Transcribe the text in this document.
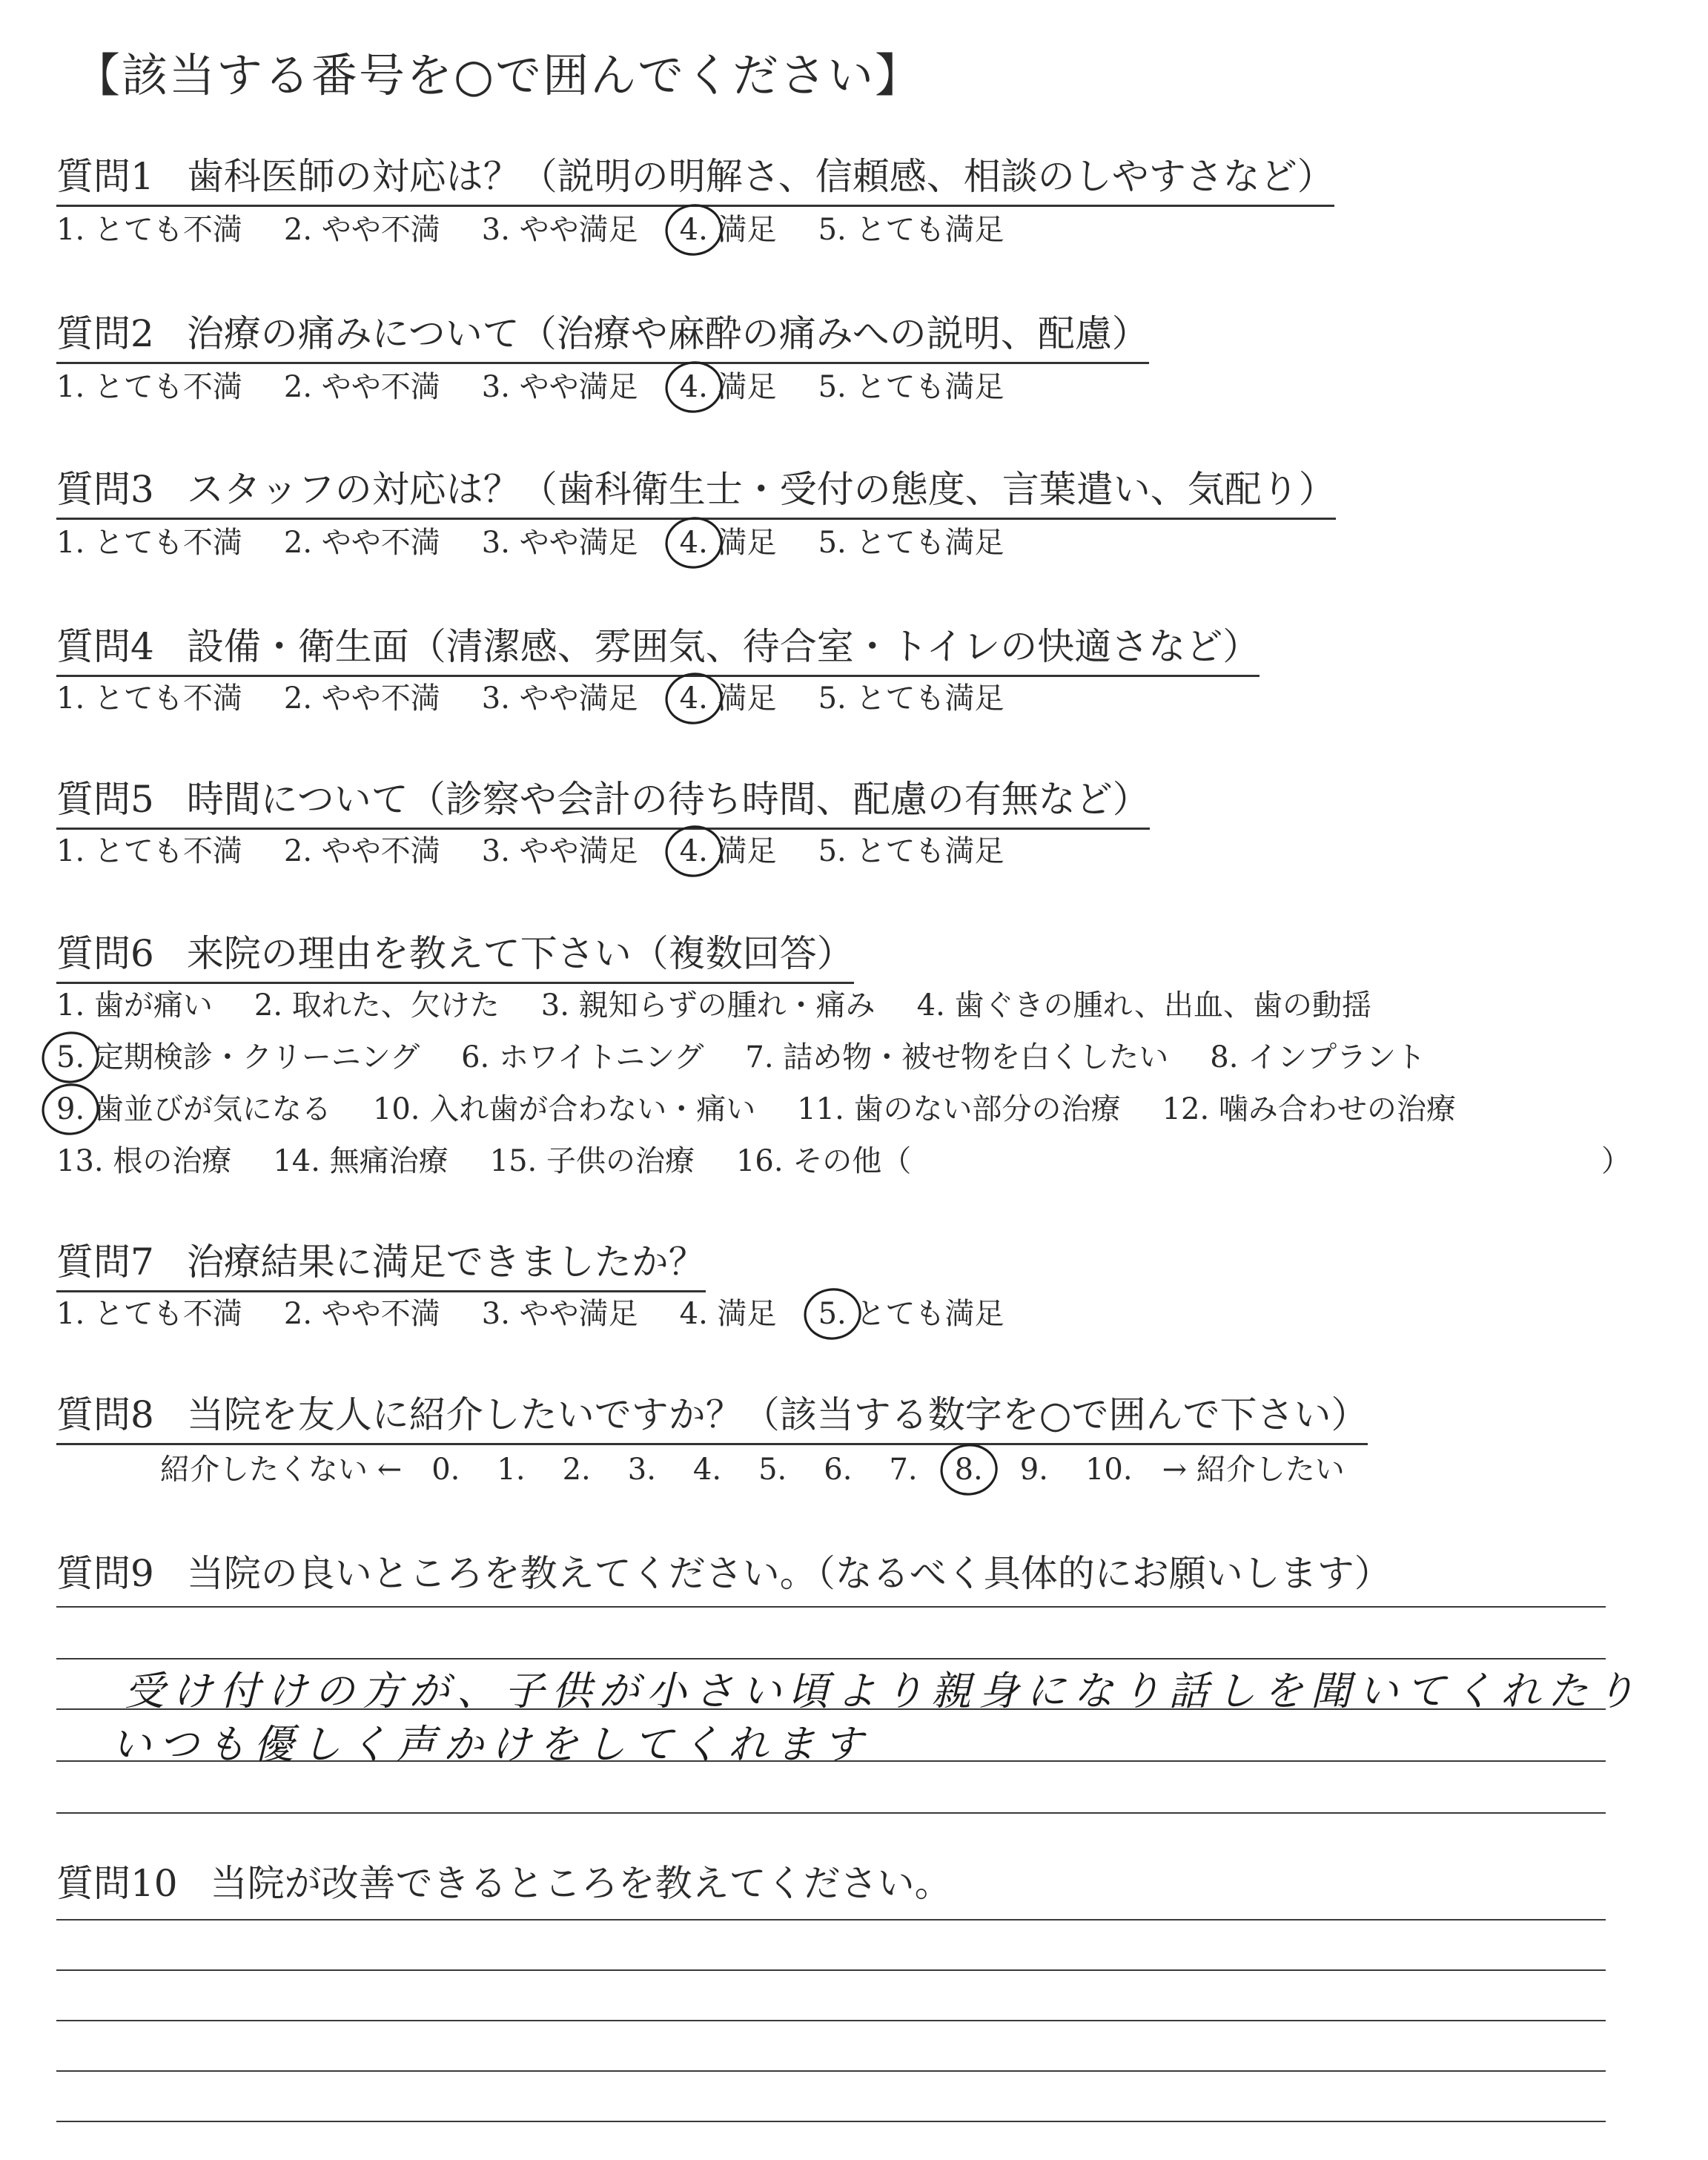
【該当する番号を○で囲んでください】
質問1 歯科医師の対応は？（説明の明解さ、信頼感、相談のしやすさなど）
1. とても不満 2. やや不満 3. やや満足 4. 満足 5. とても満足
質問2 治療の痛みについて（治療や麻酔の痛みへの説明、配慮）
1. とても不満 2. やや不満 3. やや満足 4. 満足 5. とても満足
質問3 スタッフの対応は？（歯科衛生士・受付の態度、言葉遣い、気配り）
1. とても不満 2. やや不満 3. やや満足 4. 満足 5. とても満足
質問4 設備・衛生面（清潔感、雰囲気、待合室・トイレの快適さなど）
1. とても不満 2. やや不満 3. やや満足 4. 満足 5. とても満足
質問5 時間について（診察や会計の待ち時間、配慮の有無など）
1. とても不満 2. やや不満 3. やや満足 4. 満足 5. とても満足
質問6 来院の理由を教えて下さい（複数回答）
1. 歯が痛い 2. 取れた、欠けた 3. 親知らずの腫れ・痛み 4. 歯ぐきの腫れ、出血、歯の動揺
5. 定期検診・クリーニング 6. ホワイトニング 7. 詰め物・被せ物を白くしたい 8. インプラント
9. 歯並びが気になる 10. 入れ歯が合わない・痛い 11. 歯のない部分の治療 12. 噛み合わせの治療
13. 根の治療 14. 無痛治療 15. 子供の治療 16. その他（	）
質問7 治療結果に満足できましたか？
1. とても不満 2. やや不満 3. やや満足 4. 満足 5. とても満足
質問8 当院を友人に紹介したいですか？（該当する数字を○で囲んで下さい）
紹介したくない ← 0. 1. 2. 3. 4. 5. 6. 7. 8. 9. 10. → 紹介したい
質問9 当院の良いところを教えてください。（なるべく具体的にお願いします）
受け付けの方が、子供が小さい頃より親身になり話しを聞いてくれたり
いつも優しく声かけをしてくれます
質問10 当院が改善できるところを教えてください。
